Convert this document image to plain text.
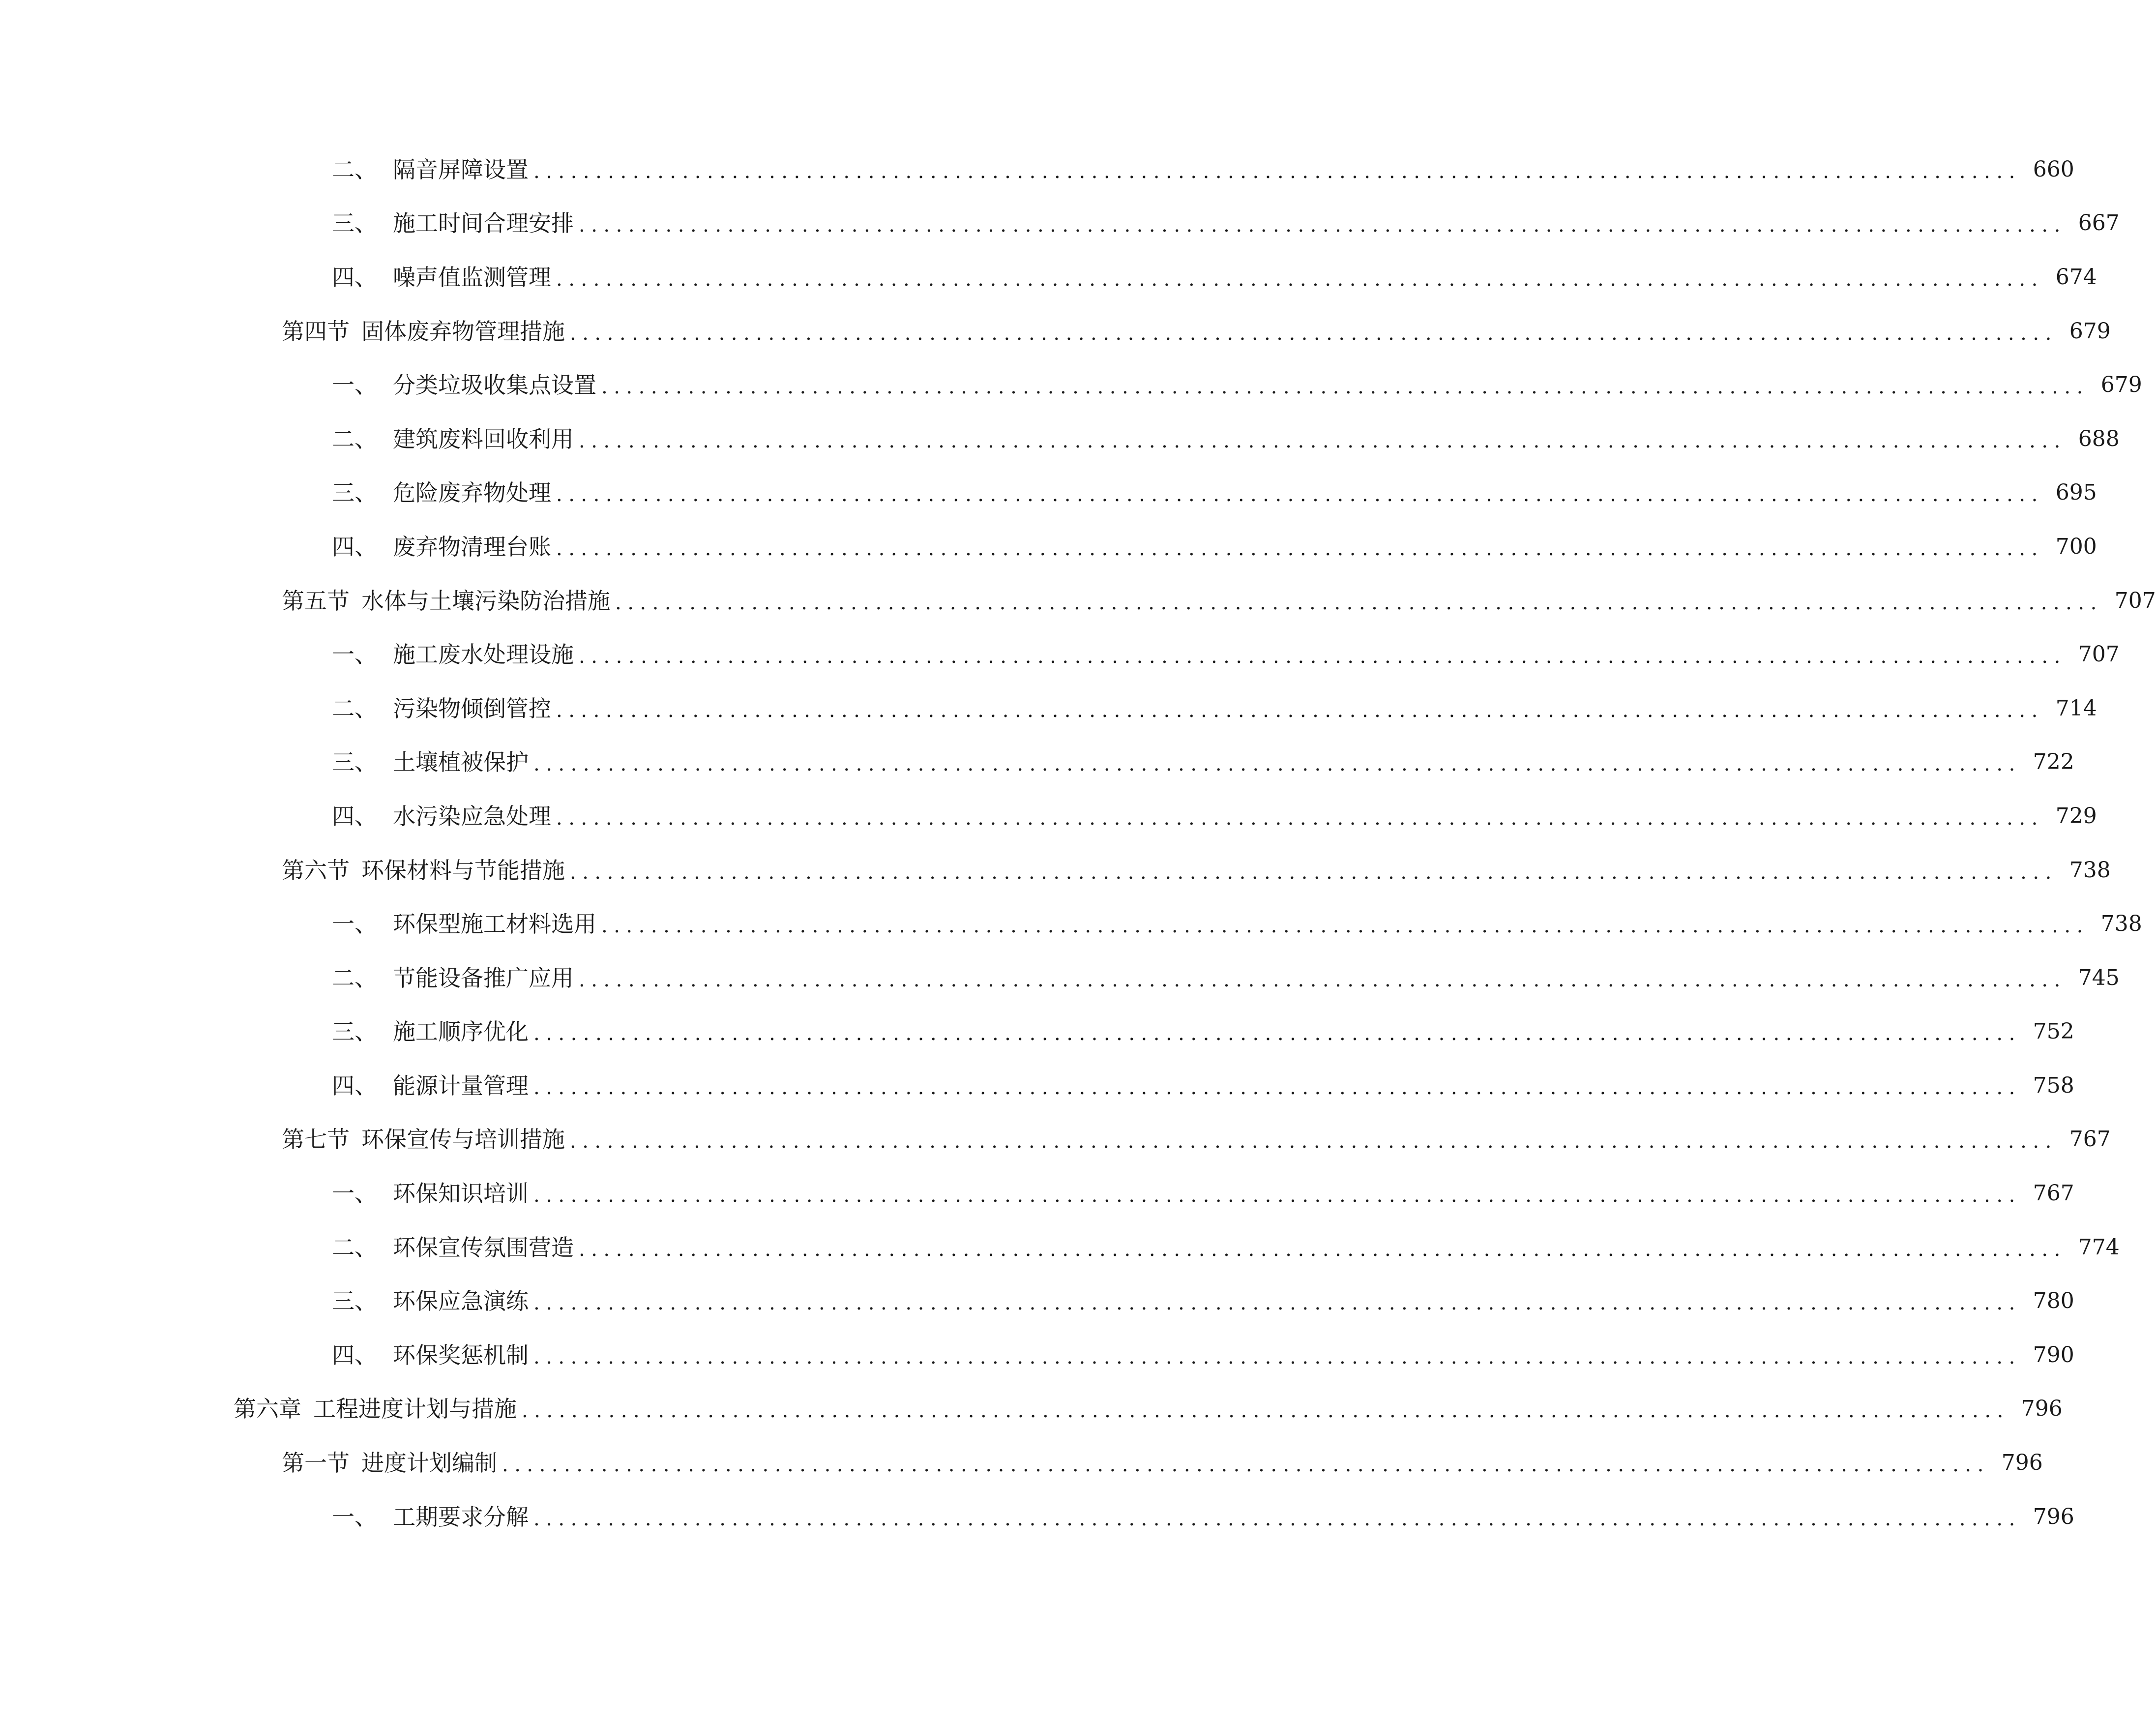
二、 隔音屏障设置 ........................................................................................................................ 660
三、 施工时间合理安排 ........................................................................................................................ 667
四、 噪声值监测管理 ........................................................................................................................ 674
第四节 固体废弃物管理措施 ........................................................................................................................ 679
一、 分类垃圾收集点设置 ........................................................................................................................ 679
二、 建筑废料回收利用 ........................................................................................................................ 688
三、 危险废弃物处理 ........................................................................................................................ 695
四、 废弃物清理台账 ........................................................................................................................ 700
第五节 水体与土壤污染防治措施 ........................................................................................................................ 707
一、 施工废水处理设施 ........................................................................................................................ 707
二、 污染物倾倒管控 ........................................................................................................................ 714
三、 土壤植被保护 ........................................................................................................................ 722
四、 水污染应急处理 ........................................................................................................................ 729
第六节 环保材料与节能措施 ........................................................................................................................ 738
一、 环保型施工材料选用 ........................................................................................................................ 738
二、 节能设备推广应用 ........................................................................................................................ 745
三、 施工顺序优化 ........................................................................................................................ 752
四、 能源计量管理 ........................................................................................................................ 758
第七节 环保宣传与培训措施 ........................................................................................................................ 767
一、 环保知识培训 ........................................................................................................................ 767
二、 环保宣传氛围营造 ........................................................................................................................ 774
三、 环保应急演练 ........................................................................................................................ 780
四、 环保奖惩机制 ........................................................................................................................ 790
第六章 工程进度计划与措施 ........................................................................................................................ 796
第一节 进度计划编制 ........................................................................................................................ 796
一、 工期要求分解 ........................................................................................................................ 796
